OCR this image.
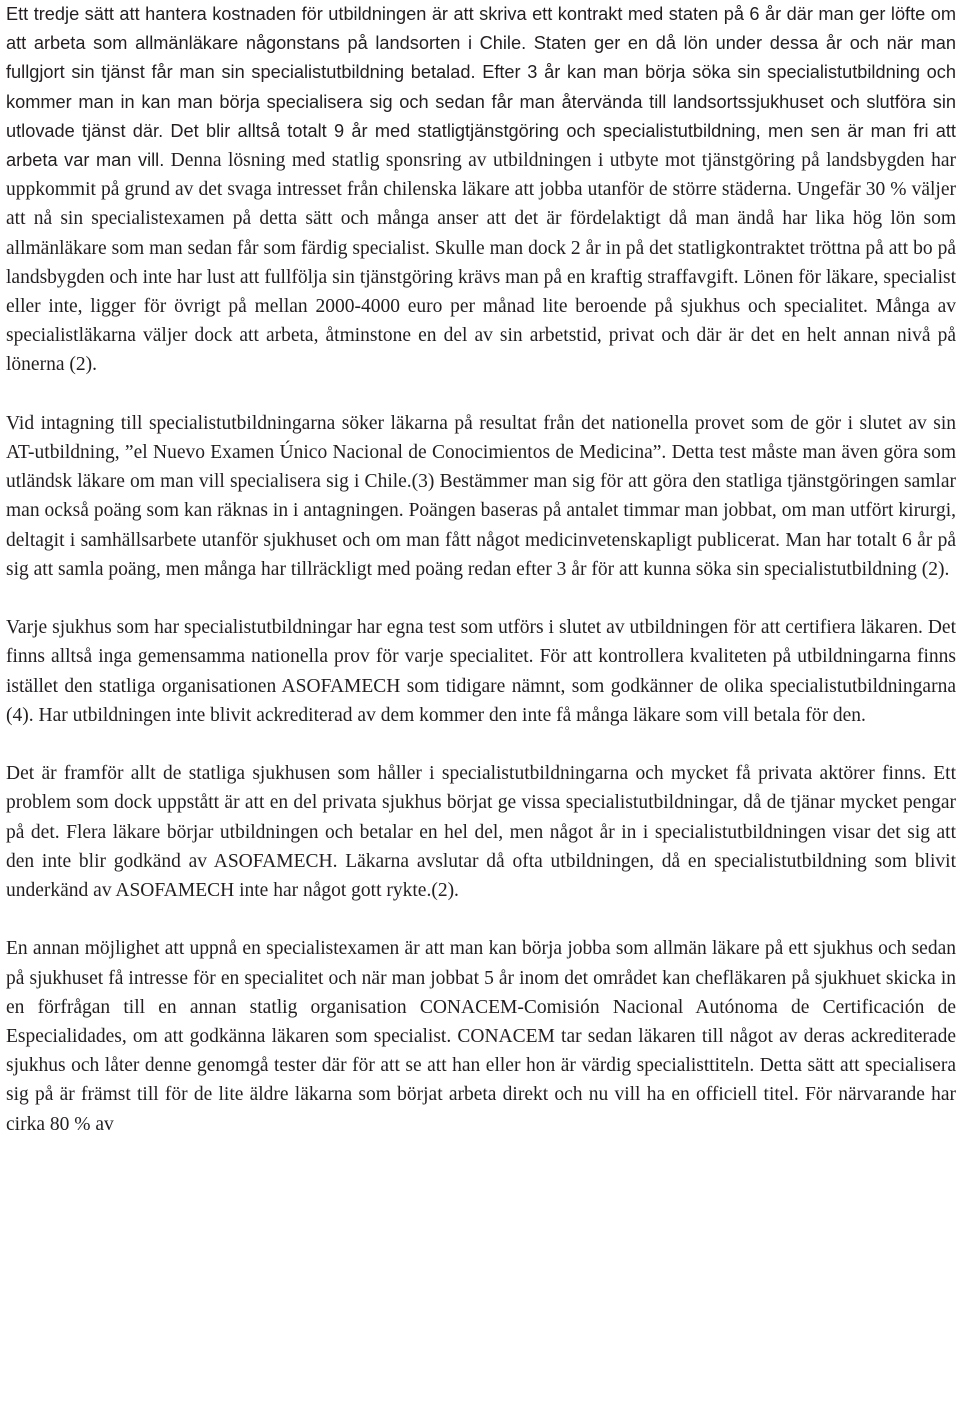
Ett tredje sätt att hantera kostnaden för utbildningen är att skriva ett kontrakt med staten på 6 år där man ger löfte om att arbeta som allmänläkare någonstans på landsorten i Chile. Staten ger en då lön under dessa år och när man fullgjort sin tjänst får man sin specialistutbildning betalad. Efter 3 år kan man börja söka sin specialistutbildning och kommer man in kan man börja specialisera sig och sedan får man återvända till landsortssjukhuset och slutföra sin utlovade tjänst där. Det blir alltså totalt 9 år med statligtjänstgöring och specialistutbildning, men sen är man fri att arbeta var man vill. Denna lösning med statlig sponsring av utbildningen i utbyte mot tjänstgöring på landsbygden har uppkommit på grund av det svaga intresset från chilenska läkare att jobba utanför de större städerna. Ungefär 30 % väljer att nå sin specialistexamen på detta sätt och många anser att det är fördelaktigt då man ändå har lika hög lön som allmänläkare som man sedan får som färdig specialist. Skulle man dock 2 år in på det statligkontraktet tröttna på att bo på landsbygden och inte har lust att fullfölja sin tjänstgöring krävs man på en kraftig straffavgift. Lönen för läkare, specialist eller inte, ligger för övrigt på mellan 2000-4000 euro per månad lite beroende på sjukhus och specialitet. Många av specialistläkarna väljer dock att arbeta, åtminstone en del av sin arbetstid, privat och där är det en helt annan nivå på lönerna (2).

Vid intagning till specialistutbildningarna söker läkarna på resultat från det nationella provet som de gör i slutet av sin AT-utbildning, ”el Nuevo Examen Único Nacional de Conocimientos de Medicina”. Detta test måste man även göra som utländsk läkare om man vill specialisera sig i Chile.(3) Bestämmer man sig för att göra den statliga tjänstgöringen samlar man också poäng som kan räknas in i antagningen. Poängen baseras på antalet timmar man jobbat, om man utfört kirurgi, deltagit i samhällsarbete utanför sjukhuset och om man fått något medicinvetenskapligt publicerat. Man har totalt 6 år på sig att samla poäng, men många har tillräckligt med poäng redan efter 3 år för att kunna söka sin specialistutbildning (2).

Varje sjukhus som har specialistutbildningar har egna test som utförs i slutet av utbildningen för att certifiera läkaren. Det finns alltså inga gemensamma nationella prov för varje specialitet. För att kontrollera kvaliteten på utbildningarna finns istället den statliga organisationen ASOFAMECH som tidigare nämnt, som godkänner de olika specialistutbildningarna (4). Har utbildningen inte blivit ackrediterad av dem kommer den inte få många läkare som vill betala för den.

Det är framför allt de statliga sjukhusen som håller i specialistutbildningarna och mycket få privata aktörer finns. Ett problem som dock uppstått är att en del privata sjukhus börjat ge vissa specialistutbildningar, då de tjänar mycket pengar på det. Flera läkare börjar utbildningen och betalar en hel del, men något år in i specialistutbildningen visar det sig att den inte blir godkänd av ASOFAMECH. Läkarna avslutar då ofta utbildningen, då en specialistutbildning som blivit underkänd av ASOFAMECH inte har något gott rykte.(2).

En annan möjlighet att uppnå en specialistexamen är att man kan börja jobba som allmän läkare på ett sjukhus och sedan på sjukhuset få intresse för en specialitet och när man jobbat 5 år inom det området kan chefläkaren på sjukhuet skicka in en förfrågan till en annan statlig organisation CONACEM-Comisión Nacional Autónoma de Certificación de Especialidades, om att godkänna läkaren som specialist. CONACEM tar sedan läkaren till något av deras ackrediterade sjukhus och låter denne genomgå tester där för att se att han eller hon är värdig specialisttiteln. Detta sätt att specialisera sig på är främst till för de lite äldre läkarna som börjat arbeta direkt och nu vill ha en officiell titel. För närvarande har cirka 80 % av
